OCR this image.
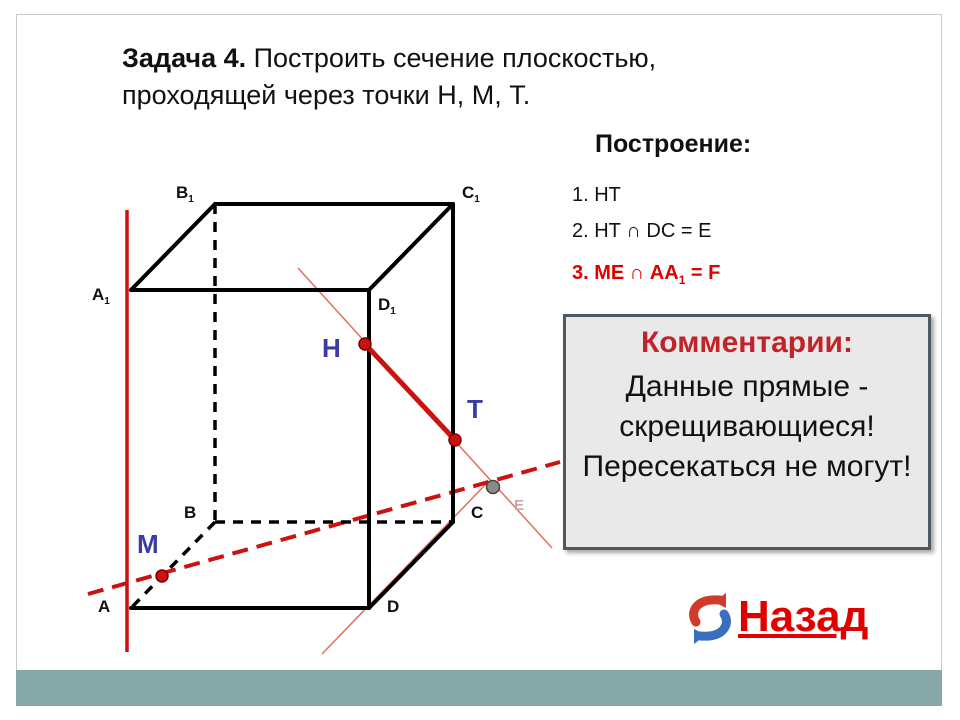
Задача 4. Построить сечение плоскостью,
проходящей через точки Н, М, Т.
Построение:
1. НТ
2. НТ ∩ DC = E
3. МЕ ∩ $АА_1 = F$
Комментарии:
Данные прямые - скрещивающиеся! Пересекаться не могут!
Назад
$B_1$	$C_1$
$A_1$	$D_1$
B	C
A	D
Н
Т
М
E
